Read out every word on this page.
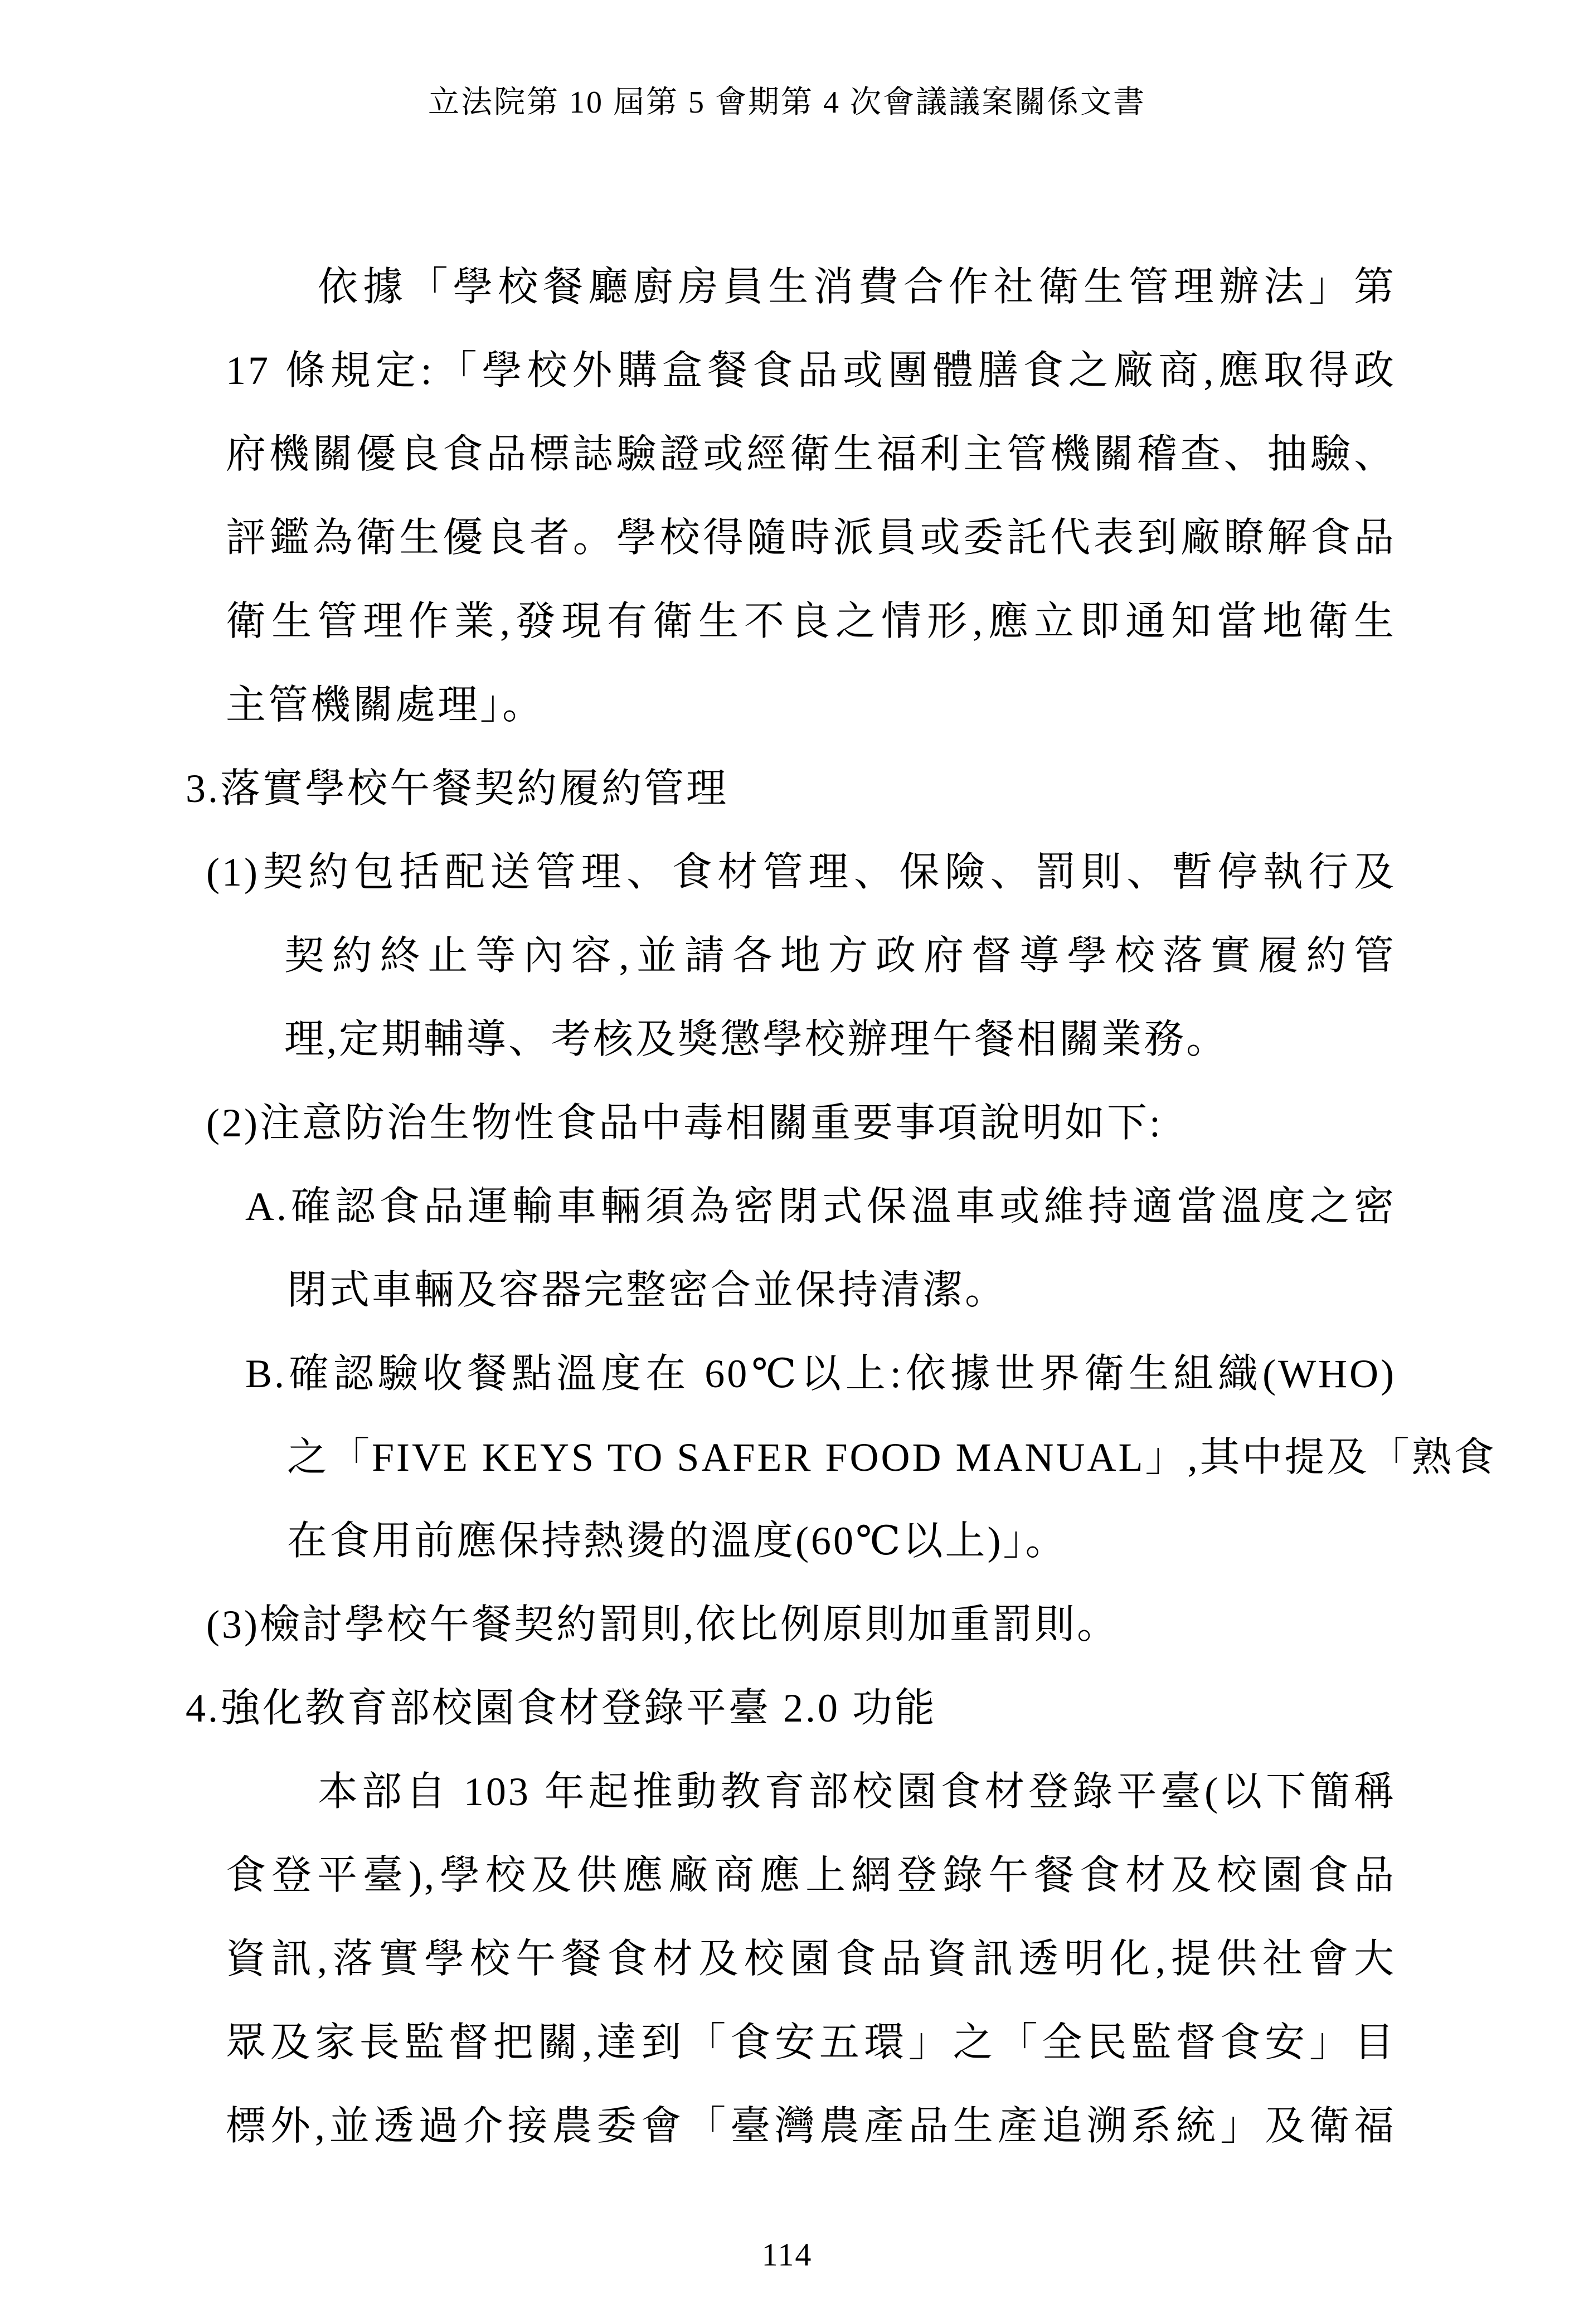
立法院第 10 屆第 5 會期第 4 次會議議案關係文書
依據「學校餐廳廚房員生消費合作社衛生管理辦法」第
17 條規定:「學校外購盒餐食品或團體膳食之廠商,應取得政
府機關優良食品標誌驗證或經衛生福利主管機關稽查、抽驗、
評鑑為衛生優良者。學校得隨時派員或委託代表到廠瞭解食品
衛生管理作業,發現有衛生不良之情形,應立即通知當地衛生
主管機關處理」。
3.落實學校午餐契約履約管理
(1)契約包括配送管理、食材管理、保險、罰則、暫停執行及
契約終止等內容,並請各地方政府督導學校落實履約管
理,定期輔導、考核及獎懲學校辦理午餐相關業務。
(2)注意防治生物性食品中毒相關重要事項說明如下:
A.確認食品運輸車輛須為密閉式保溫車或維持適當溫度之密
閉式車輛及容器完整密合並保持清潔。
B.確認驗收餐點溫度在 60℃以上:依據世界衛生組織(WHO)
之「FIVE KEYS TO SAFER FOOD MANUAL」,其中提及「熟食
在食用前應保持熱燙的溫度(60℃以上)」。
(3)檢討學校午餐契約罰則,依比例原則加重罰則。
4.強化教育部校園食材登錄平臺 2.0 功能
本部自 103 年起推動教育部校園食材登錄平臺(以下簡稱
食登平臺),學校及供應廠商應上網登錄午餐食材及校園食品
資訊,落實學校午餐食材及校園食品資訊透明化,提供社會大
眾及家長監督把關,達到「食安五環」之「全民監督食安」目
標外,並透過介接農委會「臺灣農產品生產追溯系統」及衛福
114
